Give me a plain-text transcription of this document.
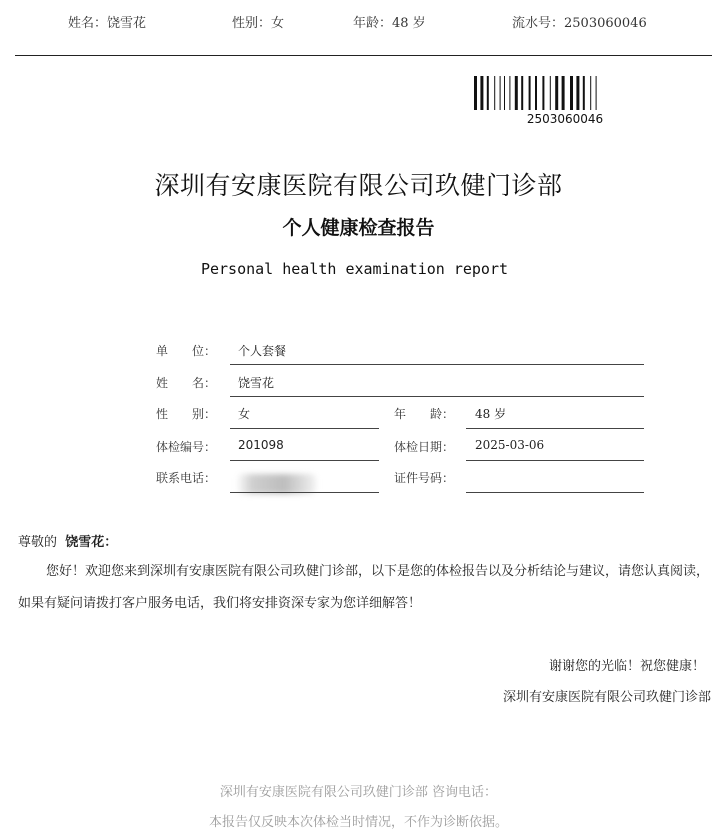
姓名：饶雪花	性别：女	年龄：48 岁	流水号：2503060046
2503060046
深圳有安康医院有限公司玖健门诊部
个人健康检查报告
Personal health examination report
单　　位： 个人套餐
姓　　名： 饶雪花
性　　别： 女	年　　龄： 48 岁
体检编号： 201098	体检日期： 2025-03-06
联系电话：	证件号码：
尊敬的 饶雪花：
您好！欢迎您来到深圳有安康医院有限公司玖健门诊部，以下是您的体检报告以及分析结论与建议，请您认真阅读，如果有疑问请拨打客户服务电话，我们将安排资深专家为您详细解答！
谢谢您的光临！祝您健康！
深圳有安康医院有限公司玖健门诊部
深圳有安康医院有限公司玖健门诊部 咨询电话：
本报告仅反映本次体检当时情况，不作为诊断依据。
